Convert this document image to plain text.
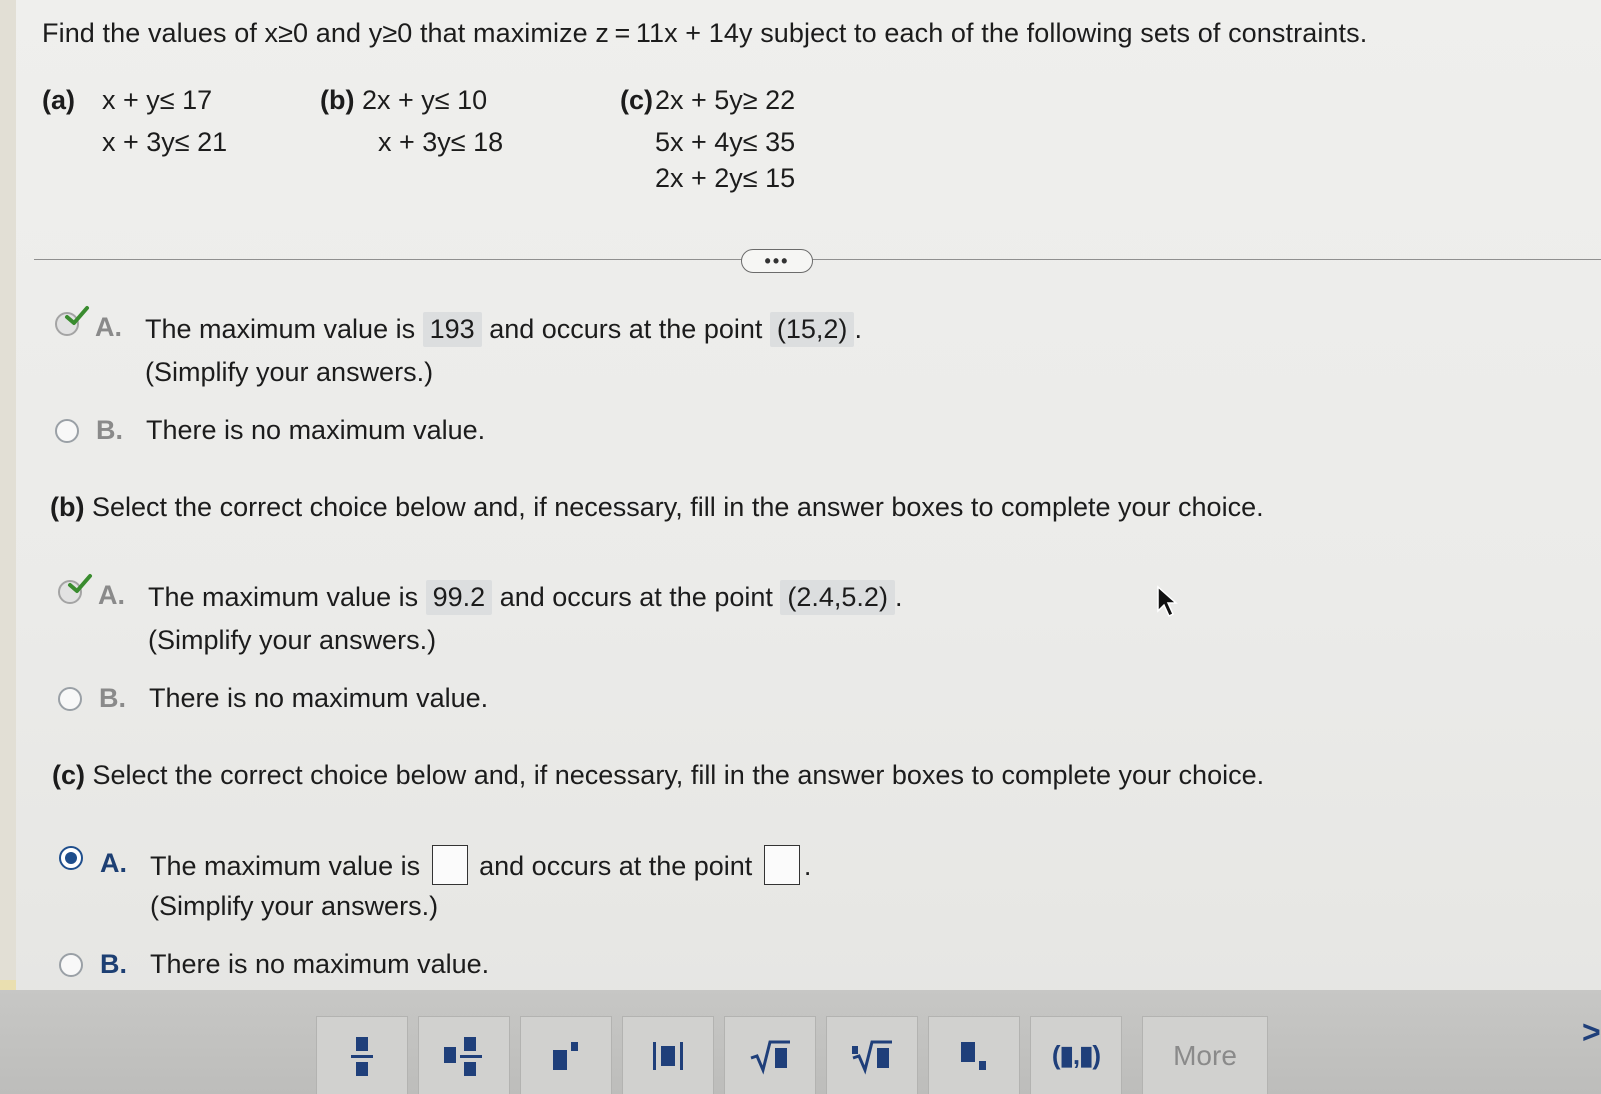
Find the values of x≥0 and y≥0 that maximize z = 11x + 14y subject to each of the following sets of constraints.
(a) x + y≤ 17
x + 3y≤ 21
(b) 2x + y≤ 10
x + 3y≤ 18
(c) 2x + 5y≥ 22
5x + 4y≤ 35
2x + 2y≤ 15
•••
A. The maximum value is 193 and occurs at the point (15,2) .
(Simplify your answers.)
B. There is no maximum value.
(b) Select the correct choice below and, if necessary, fill in the answer boxes to complete your choice.
A. The maximum value is 99.2 and occurs at the point (2.4,5.2) .
(Simplify your answers.)
B. There is no maximum value.
(c) Select the correct choice below and, if necessary, fill in the answer boxes to complete your choice.
A. The maximum value is and occurs at the point .
(Simplify your answers.)
B. There is no maximum value.
(▮,▮)	More
>
